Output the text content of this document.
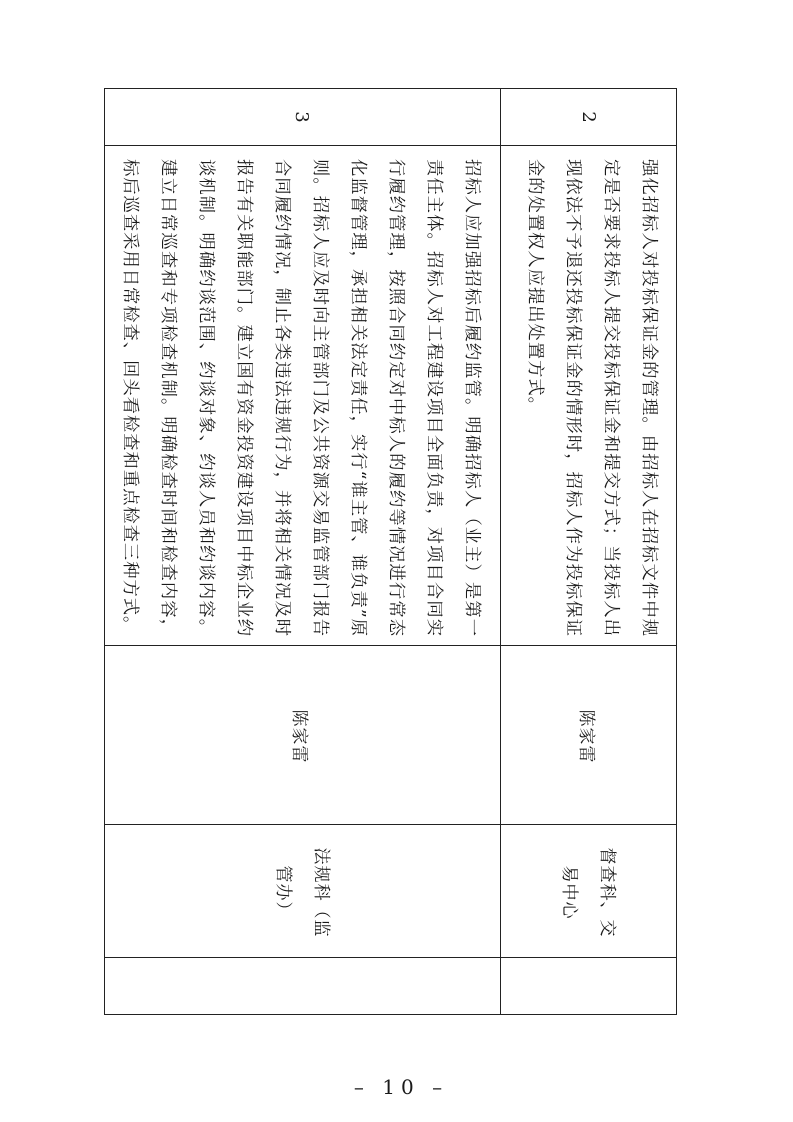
2
强化招标人对投标保证金的管理。由招标人在招标文件中规定是否要求投标人提交投标保证金和提交方式；当投标人出现依法不予退还投标保证金的情形时，招标人作为投标保证金的处置权人应提出处置方式。
陈家雷
督查科、交易中心
3
招标人应加强招标后履约监管。明确招标人（业主）是第一责任主体。招标人对工程建设项目全面负责，对项目合同实行履约管理，按照合同约定对中标人的履约等情况进行常态化监督管理，承担相关法定责任，实行“谁主管、谁负责”原则。招标人应及时向主管部门及公共资源交易监管部门报告合同履约情况，制止各类违法违规行为，并将相关情况及时报告有关职能部门。建立国有资金投资建设项目中标企业约谈机制。明确约谈范围、约谈对象、约谈人员和约谈内容。建立日常巡查和专项检查机制。明确检查时间和检查内容，标后巡查采用日常检查、回头看检查和重点检查三种方式。
陈家雷
法规科（监管办）
– 10 –
